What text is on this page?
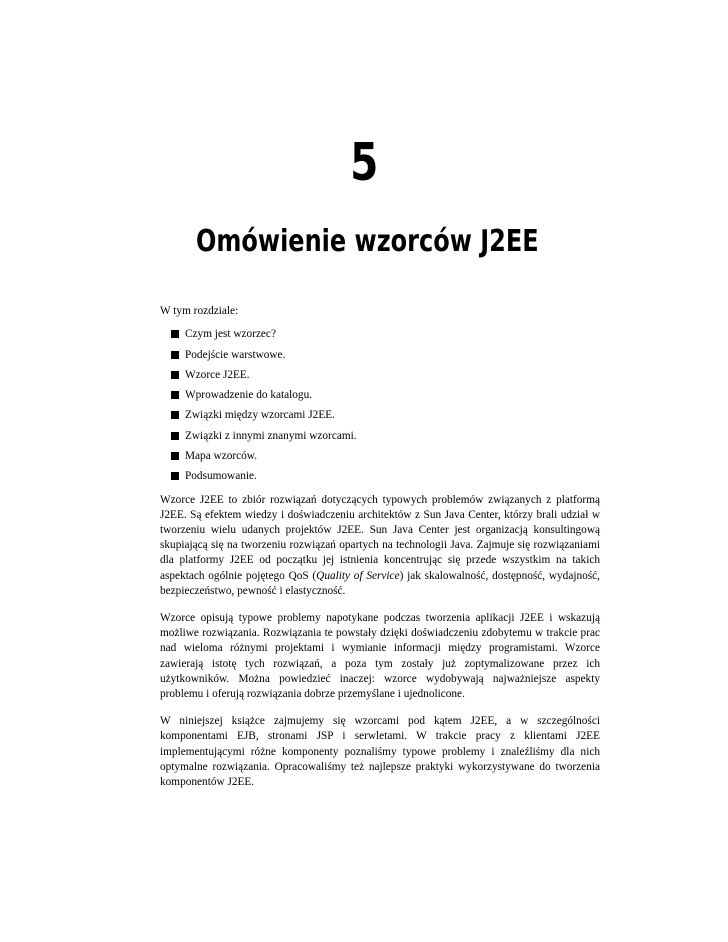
5
Omówienie wzorców J2EE

W tym rozdziale:

Czym jest wzorzec?
Podejście warstwowe.
Wzorce J2EE.
Wprowadzenie do katalogu.
Związki między wzorcami J2EE.
Związki z innymi znanymi wzorcami.
Mapa wzorców.
Podsumowanie.

Wzorce J2EE to zbiór rozwiązań dotyczących typowych problemów związanych z platformą J2EE. Są efektem wiedzy i doświadczeniu architektów z Sun Java Center, którzy brali udział w tworzeniu wielu udanych projektów J2EE. Sun Java Center jest organizacją konsultingową skupiającą się na tworzeniu rozwiązań opartych na technologii Java. Zajmuje się rozwiązaniami dla platformy J2EE od początku jej istnienia koncentrując się przede wszystkim na takich aspektach ogólnie pojętego QoS (Quality of Service) jak skalowalność, dostępność, wydajność, bezpieczeństwo, pewność i elastyczność.

Wzorce opisują typowe problemy napotykane podczas tworzenia aplikacji J2EE i wskazują możliwe rozwiązania. Rozwiązania te powstały dzięki doświadczeniu zdobytemu w trakcie prac nad wieloma różnymi projektami i wymianie informacji między programistami. Wzorce zawierają istotę tych rozwiązań, a poza tym zostały już zoptymalizowane przez ich użytkowników. Można powiedzieć inaczej: wzorce wydobywają najważniejsze aspekty problemu i oferują rozwiązania dobrze przemyślane i ujednolicone.

W niniejszej książce zajmujemy się wzorcami pod kątem J2EE, a w szczególności komponentami EJB, stronami JSP i serwletami. W trakcie pracy z klientami J2EE implementującymi różne komponenty poznaliśmy typowe problemy i znaleźliśmy dla nich optymalne rozwiązania. Opracowaliśmy też najlepsze praktyki wykorzystywane do tworzenia komponentów J2EE.
